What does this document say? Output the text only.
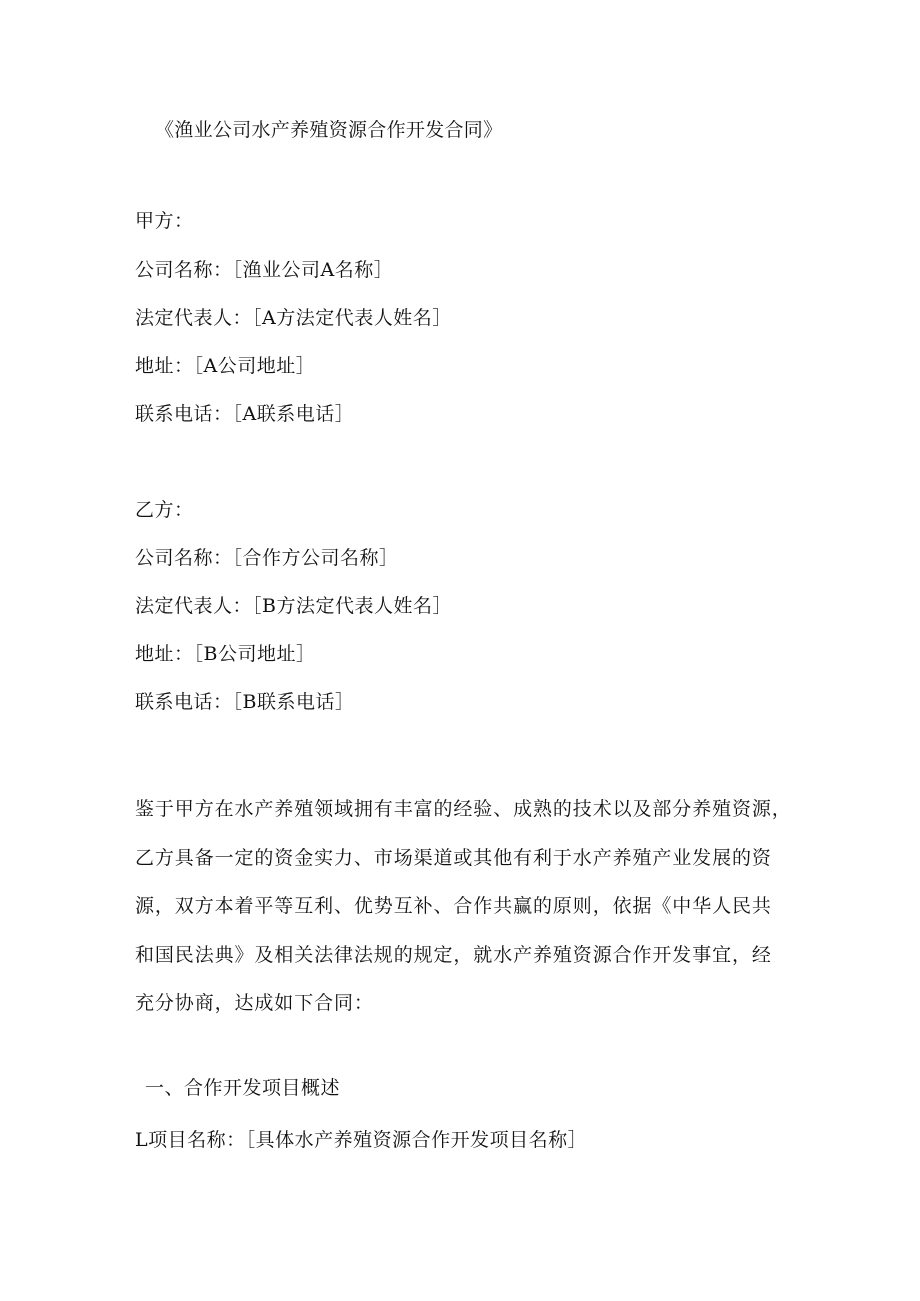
《渔业公司水产养殖资源合作开发合同》
甲方：
公司名称：［渔业公司A名称］
法定代表人：［A方法定代表人姓名］
地址：［A公司地址］
联系电话：［A联系电话］
乙方：
公司名称：［合作方公司名称］
法定代表人：［B方法定代表人姓名］
地址：［B公司地址］
联系电话：［B联系电话］
鉴于甲方在水产养殖领域拥有丰富的经验、成熟的技术以及部分养殖资源，
乙方具备一定的资金实力、市场渠道或其他有利于水产养殖产业发展的资
源，双方本着平等互利、优势互补、合作共赢的原则，依据《中华人民共
和国民法典》及相关法律法规的规定，就水产养殖资源合作开发事宜，经
充分协商，达成如下合同：
一、合作开发项目概述
L项目名称：［具体水产养殖资源合作开发项目名称］
